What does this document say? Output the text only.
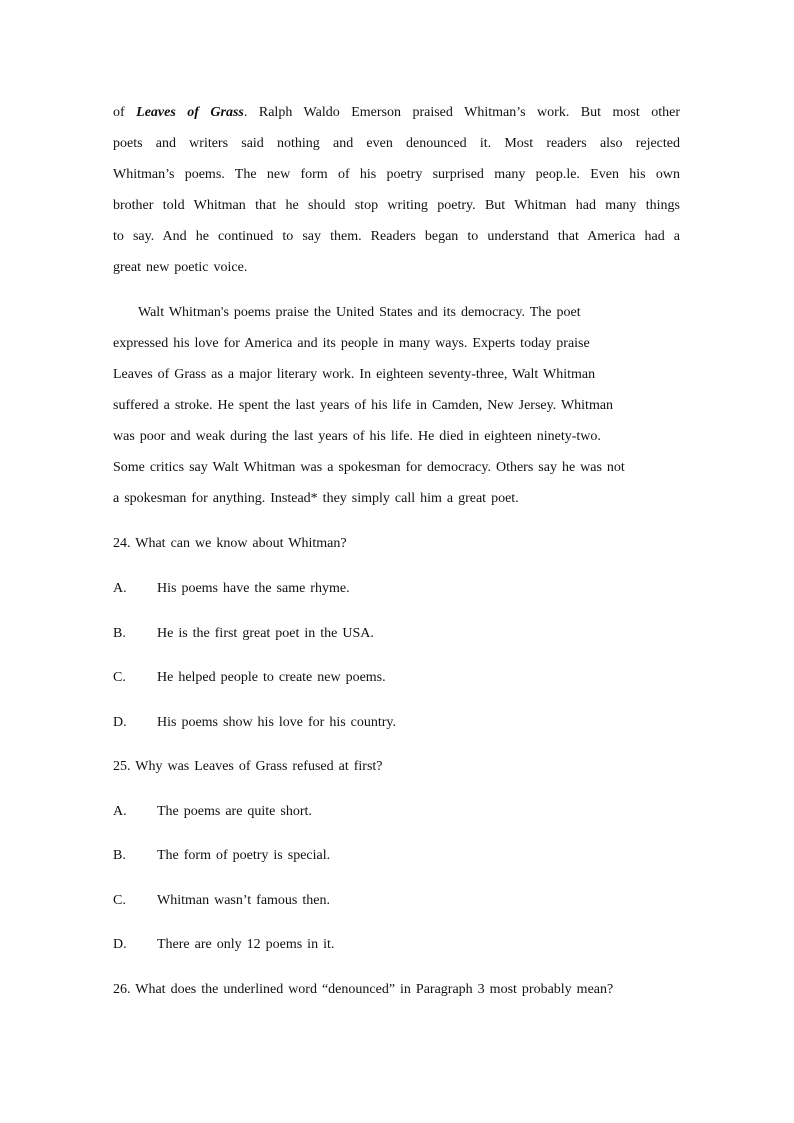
of Leaves of Grass. Ralph Waldo Emerson praised Whitman’s work. But most other

poets and writers said nothing and even denounced it. Most readers also rejected

Whitman’s poems. The new form of his poetry surprised many peop.le. Even his own

brother told Whitman that he should stop writing poetry. But Whitman had many things

to say. And he continued to say them. Readers began to understand that America had a

great new poetic voice.

Walt Whitman's poems praise the United States and its democracy. The poet

expressed his love for America and its people in many ways. Experts today praise

Leaves of Grass as a major literary work. In eighteen seventy-three, Walt Whitman

suffered a stroke. He spent the last years of his life in Camden, New Jersey. Whitman

was poor and weak during the last years of his life. He died in eighteen ninety-two.

Some critics say Walt Whitman was a spokesman for democracy. Others say he was not

a spokesman for anything. Instead* they simply call him a great poet.

24. What can we know about Whitman?

A. His poems have the same rhyme.

B. He is the first great poet in the USA.

C. He helped people to create new poems.

D. His poems show his love for his country.

25. Why was Leaves of Grass refused at first?

A. The poems are quite short.

B. The form of poetry is special.

C. Whitman wasn’t famous then.

D. There are only 12 poems in it.

26. What does the underlined word “denounced” in Paragraph 3 most probably mean?
